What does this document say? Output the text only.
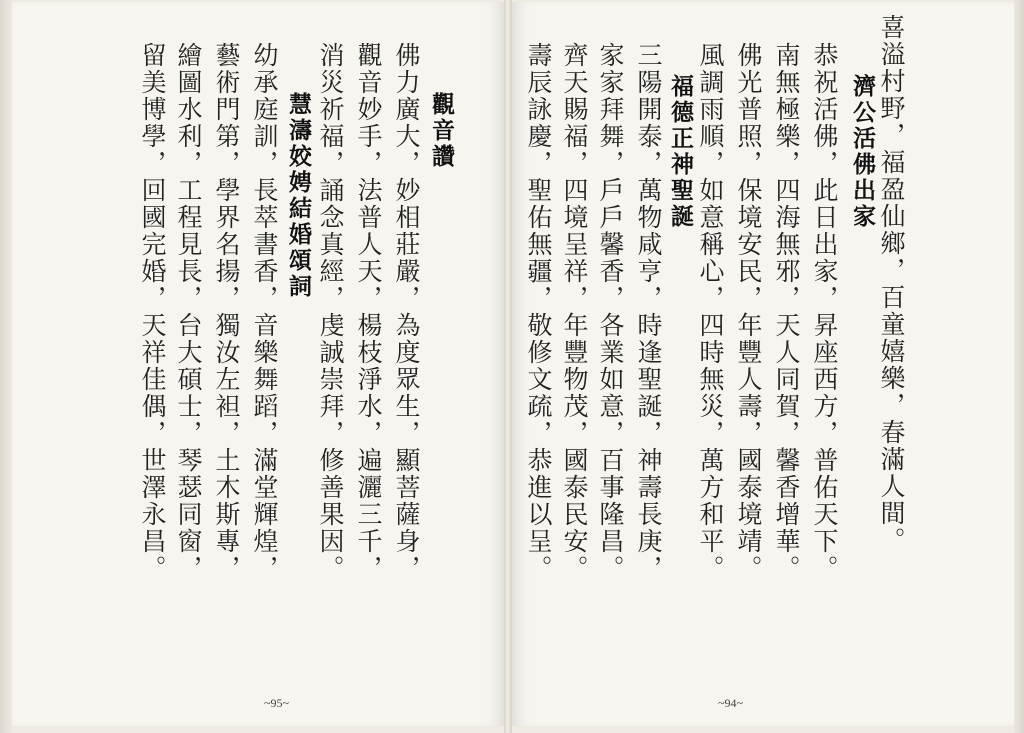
觀音讚
佛力廣大，妙相莊嚴，為度眾生，顯菩薩身，
觀音妙手，法普人天，楊枝淨水，遍灑三千，
消災祈福，誦念真經，虔誠崇拜，修善果因。
慧濤姣娉結婚頌詞
幼承庭訓，長萃書香，音樂舞蹈，滿堂輝煌，
藝術門第，學界名揚，獨汝左袒，土木斯專，
繪圖水利，工程見長，台大碩士，琴瑟同窗，
留美博學，回國完婚，天祥佳偶，世澤永昌。
~95~
喜溢村野，福盈仙鄉，百童嬉樂，春滿人間。
濟公活佛出家
恭祝活佛，此日出家，昇座西方，普佑天下。
南無極樂，四海無邪，天人同賀，馨香增華。
佛光普照，保境安民，年豐人壽，國泰境靖。
風調雨順，如意稱心，四時無災，萬方和平。
福德正神聖誕
三陽開泰，萬物咸亨，時逢聖誕，神壽長庚，
家家拜舞，戶戶馨香，各業如意，百事隆昌。
齊天賜福，四境呈祥，年豐物茂，國泰民安。
壽辰詠慶，聖佑無疆，敬修文疏，恭進以呈。
~94~
